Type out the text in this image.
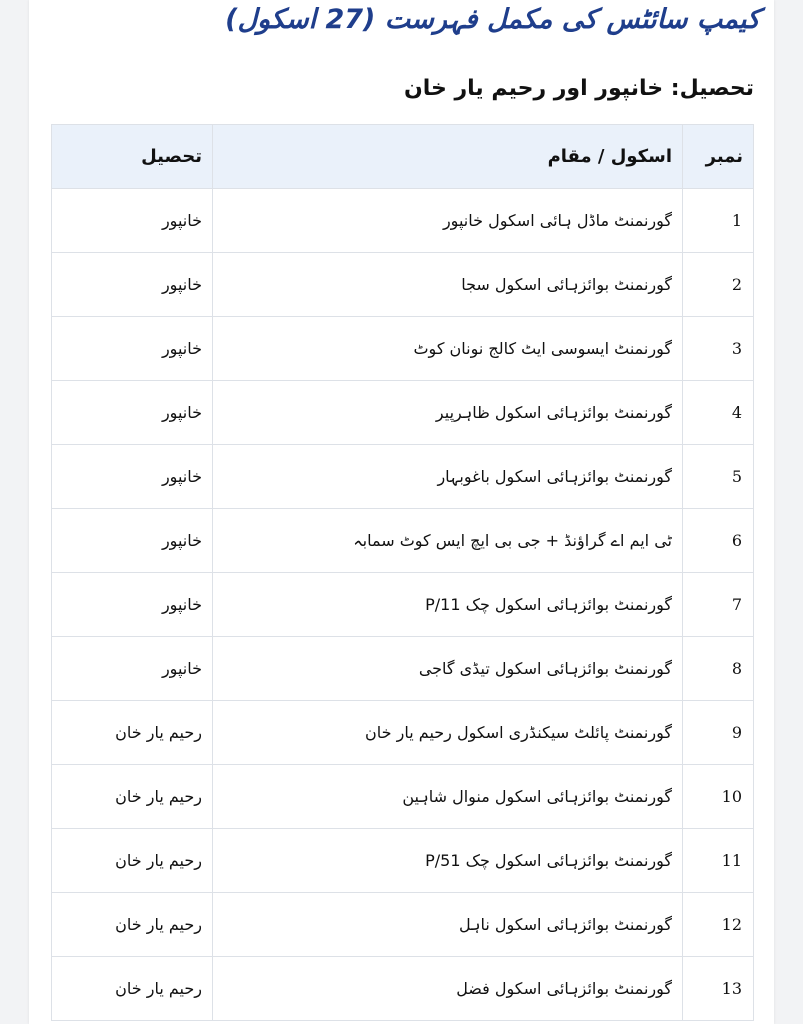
کیمپ سائٹس کی مکمل فہرست (27 اسکول)
تحصیل: خانپور اور رحیم یار خان
نمبر	اسکول / مقام	تحصیل
1	گورنمنٹ ماڈل ہائی اسکول خانپور	خانپور
2	گورنمنٹ بوائزہائی اسکول سجا	خانپور
3	گورنمنٹ ایسوسی ایٹ کالج نونان کوٹ	خانپور
4	گورنمنٹ بوائزہائی اسکول ظاہرپیر	خانپور
5	گورنمنٹ بوائزہائی اسکول باغوبہار	خانپور
6	ٹی ایم اے گراؤنڈ + جی بی ایچ ایس کوٹ سمابہ	خانپور
7	گورنمنٹ بوائزہائی اسکول چک P/11	خانپور
8	گورنمنٹ بوائزہائی اسکول تیڈی گاجی	خانپور
9	گورنمنٹ پائلٹ سیکنڈری اسکول رحیم یار خان	رحیم یار خان
10	گورنمنٹ بوائزہائی اسکول منوال شاہین	رحیم یار خان
11	گورنمنٹ بوائزہائی اسکول چک P/51	رحیم یار خان
12	گورنمنٹ بوائزہائی اسکول ناہل	رحیم یار خان
13	گورنمنٹ بوائزہائی اسکول فضل	رحیم یار خان
